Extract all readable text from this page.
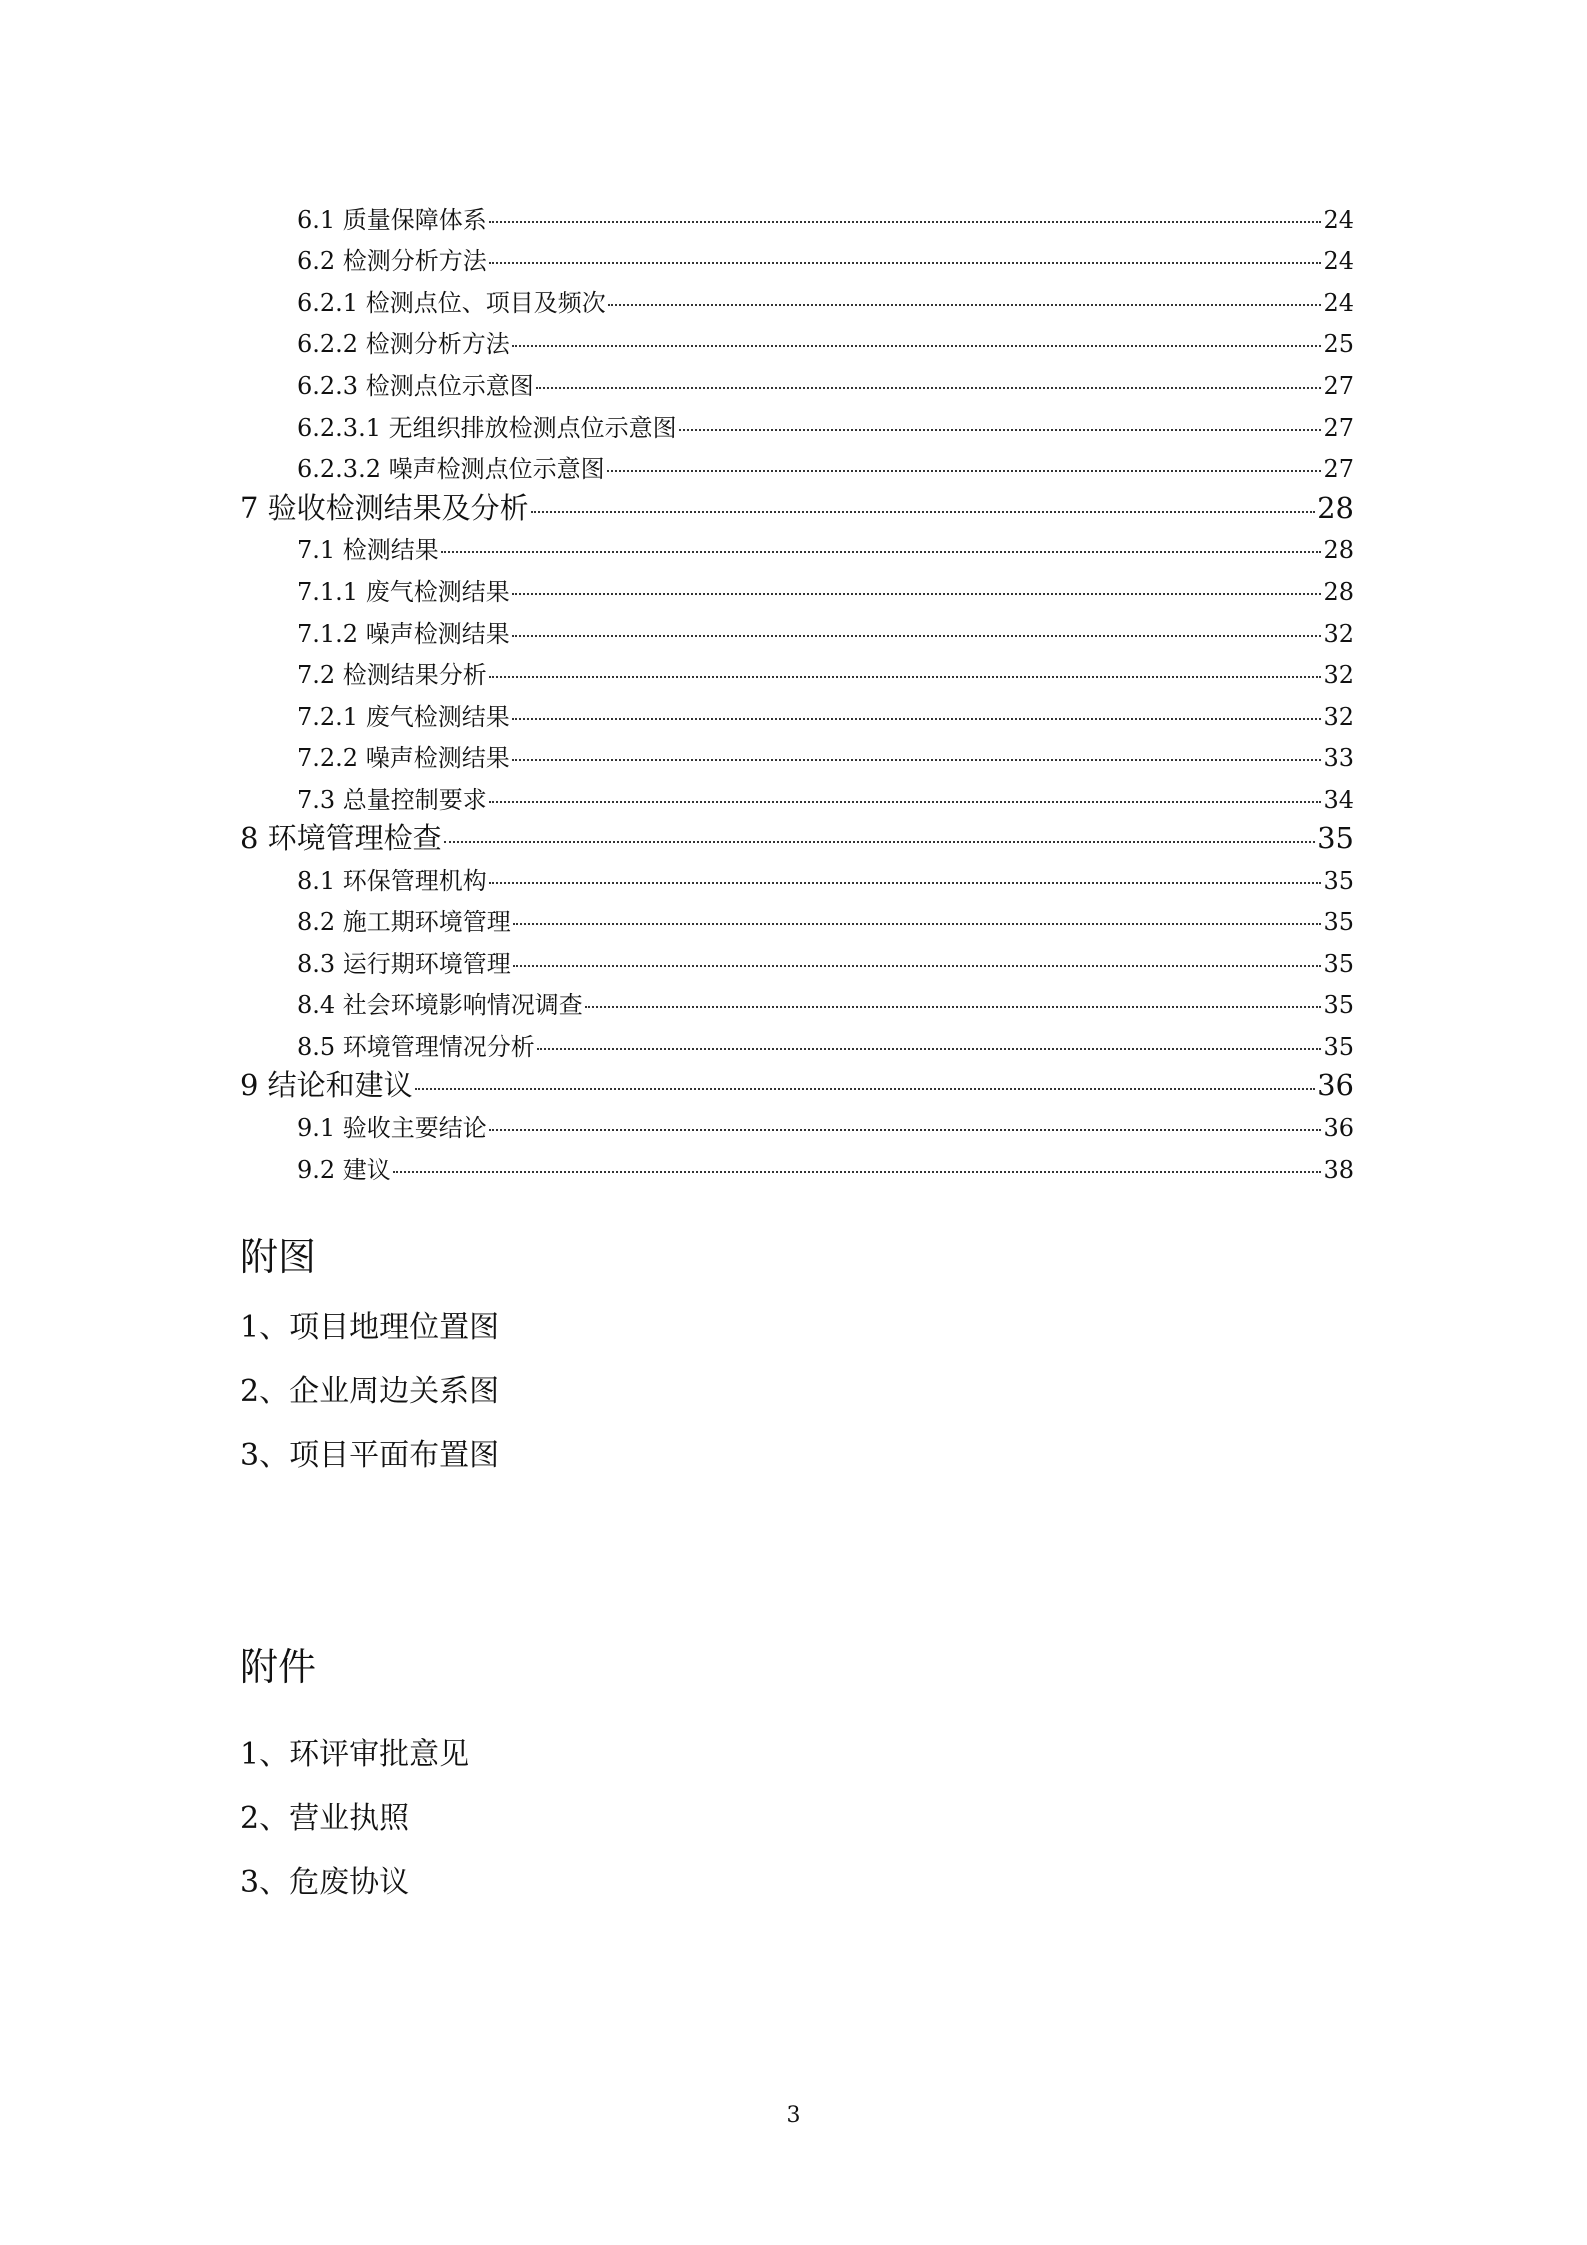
6.1 质量保障体系	24
6.2 检测分析方法	24
6.2.1 检测点位、项目及频次	24
6.2.2 检测分析方法	25
6.2.3 检测点位示意图	27
6.2.3.1 无组织排放检测点位示意图	27
6.2.3.2 噪声检测点位示意图	27
7 验收检测结果及分析	28
7.1 检测结果	28
7.1.1 废气检测结果	28
7.1.2 噪声检测结果	32
7.2 检测结果分析	32
7.2.1 废气检测结果	32
7.2.2 噪声检测结果	33
7.3 总量控制要求	34
8 环境管理检查	35
8.1 环保管理机构	35
8.2 施工期环境管理	35
8.3 运行期环境管理	35
8.4 社会环境影响情况调查	35
8.5 环境管理情况分析	35
9 结论和建议	36
9.1 验收主要结论	36
9.2 建议	38
附图
1、项目地理位置图
2、企业周边关系图
3、项目平面布置图
附件
1、环评审批意见
2、营业执照
3、危废协议
3
